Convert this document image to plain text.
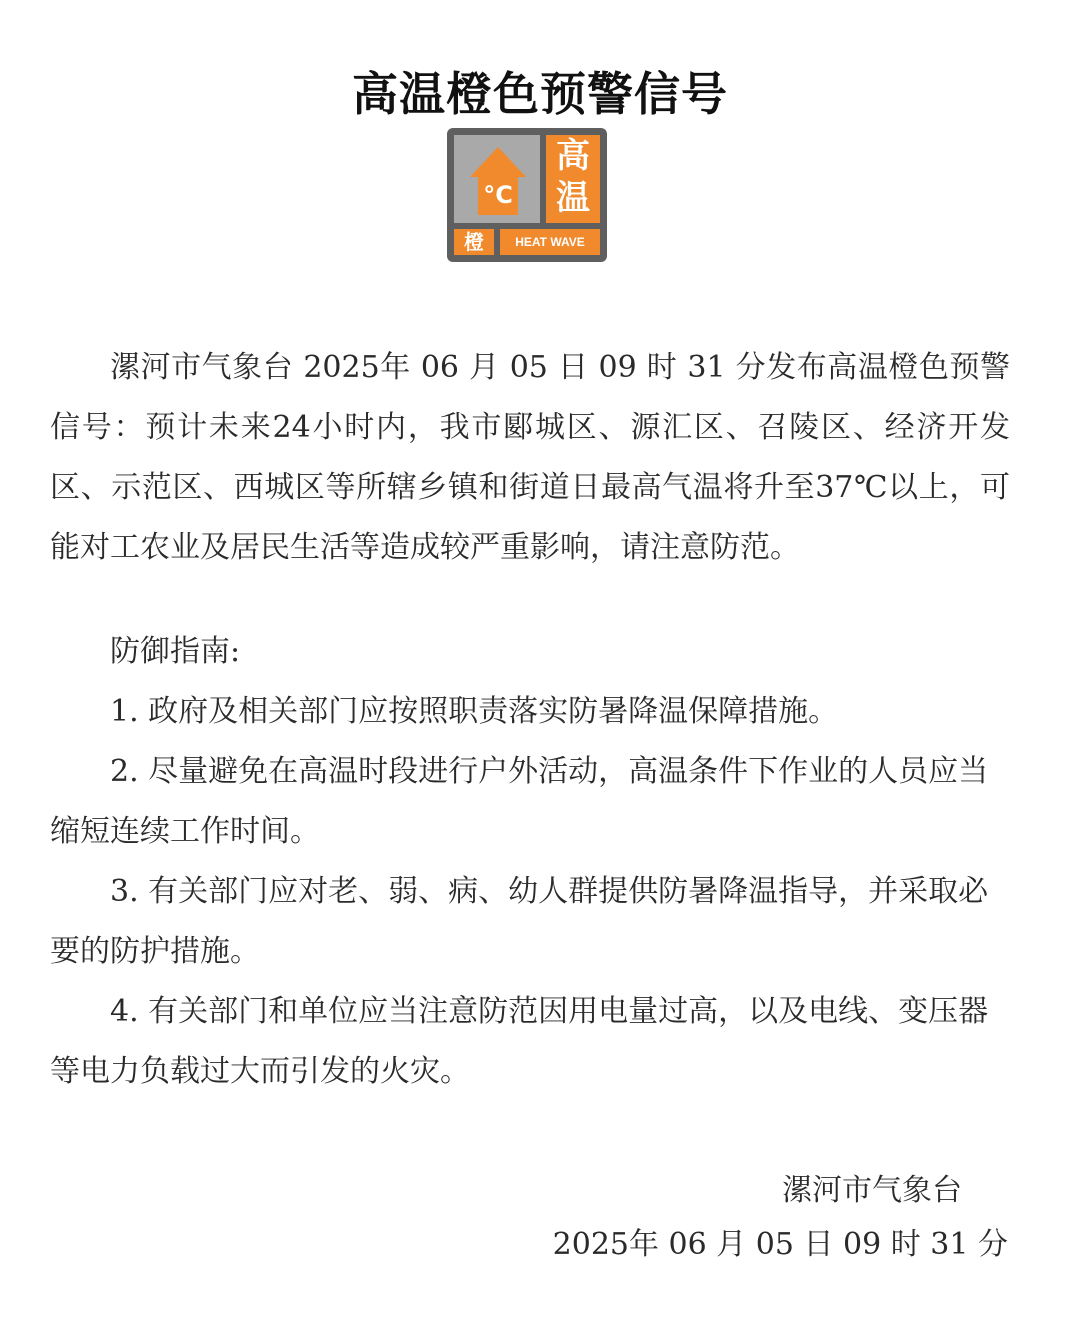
高温橙色预警信号
°C
高
温
橙	HEAT WAVE

漯河市气象台 2025年 06 月 05 日 09 时 31 分发布高温橙色预警信号：预计未来24小时内，我市郾城区、源汇区、召陵区、经济开发区、示范区、西城区等所辖乡镇和街道日最高气温将升至37℃以上，可能对工农业及居民生活等造成较严重影响，请注意防范。

防御指南:

1. 政府及相关部门应按照职责落实防暑降温保障措施。

2. 尽量避免在高温时段进行户外活动，高温条件下作业的人员应当缩短连续工作时间。

3. 有关部门应对老、弱、病、幼人群提供防暑降温指导，并采取必要的防护措施。

4. 有关部门和单位应当注意防范因用电量过高，以及电线、变压器等电力负载过大而引发的火灾。

漯河市气象台
2025年 06 月 05 日 09 时 31 分
